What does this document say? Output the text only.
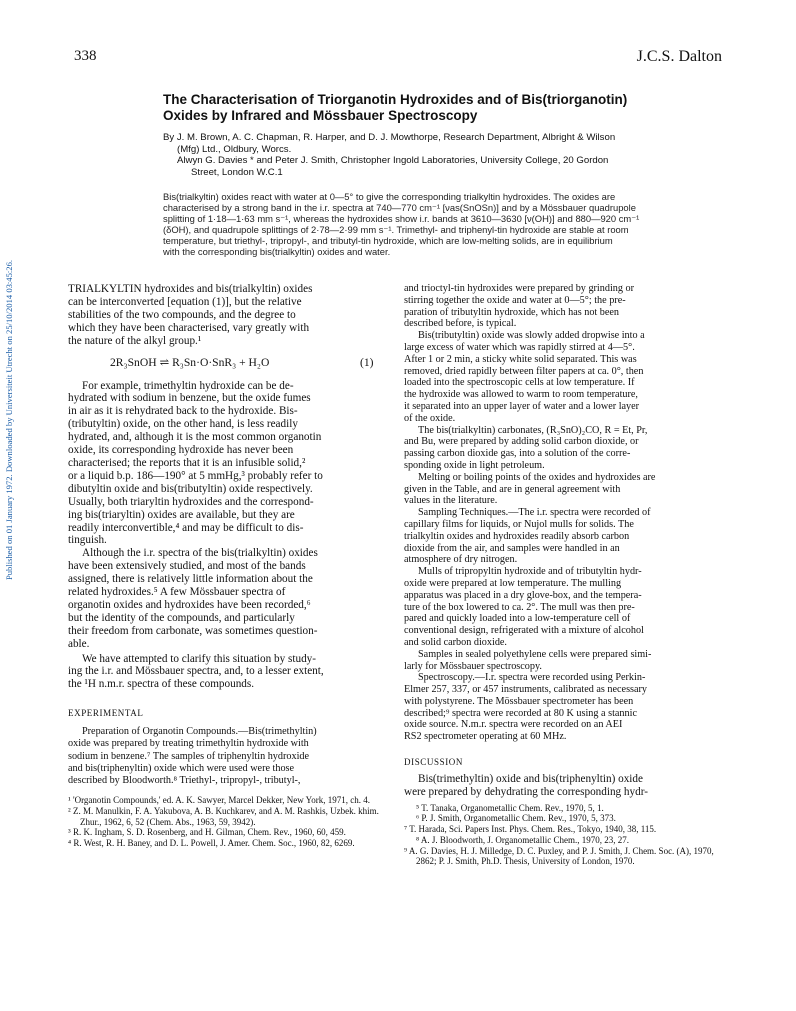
338	J.C.S. Dalton
Published on 01 January 1972. Downloaded by Universiteit Utrecht on 25/10/2014 03:45:26.
The Characterisation of Triorganotin Hydroxides and of Bis(triorganotin)
Oxides by Infrared and Mössbauer Spectroscopy
By J. M. Brown, A. C. Chapman, R. Harper, and D. J. Mowthorpe, Research Department, Albright & Wilson
(Mfg) Ltd., Oldbury, Worcs.
Alwyn G. Davies * and Peter J. Smith, Christopher Ingold Laboratories, University College, 20 Gordon
Street, London W.C.1
Bis(trialkyltin) oxides react with water at 0—5° to give the corresponding trialkyltin hydroxides. The oxides are
characterised by a strong band in the i.r. spectra at 740—770 cm⁻¹ [νas(SnOSn)] and by a Mössbauer quadrupole
splitting of 1·18—1·63 mm s⁻¹, whereas the hydroxides show i.r. bands at 3610—3630 [ν(OH)] and 880—920 cm⁻¹
(δOH), and quadrupole splittings of 2·78—2·99 mm s⁻¹. Trimethyl- and triphenyl-tin hydroxide are stable at room
temperature, but triethyl-, tripropyl-, and tributyl-tin hydroxide, which are low-melting solids, are in equilibrium
with the corresponding bis(trialkyltin) oxides and water.
TRIALKYLTIN hydroxides and bis(trialkyltin) oxides
can be interconverted [equation (1)], but the relative
stabilities of the two compounds, and the degree to
which they have been characterised, vary greatly with
the nature of the alkyl group.¹
2R₃SnOH ⇌ R₃Sn·O·SnR₃ + H₂O	(1)
For example, trimethyltin hydroxide can be de-
hydrated with sodium in benzene, but the oxide fumes
in air as it is rehydrated back to the hydroxide. Bis-
(tributyltin) oxide, on the other hand, is less readily
hydrated, and, although it is the most common organotin
oxide, its corresponding hydroxide has never been
characterised; the reports that it is an infusible solid,²
or a liquid b.p. 186—190° at 5 mmHg,³ probably refer to
dibutyltin oxide and bis(tributyltin) oxide respectively.
Usually, both triaryltin hydroxides and the correspond-
ing bis(triaryltin) oxides are available, but they are
readily interconvertible,⁴ and may be difficult to dis-
tinguish.
Although the i.r. spectra of the bis(trialkyltin) oxides
have been extensively studied, and most of the bands
assigned, there is relatively little information about the
related hydroxides.⁵ A few Mössbauer spectra of
organotin oxides and hydroxides have been recorded,⁶
but the identity of the compounds, and particularly
their freedom from carbonate, was sometimes question-
able.
We have attempted to clarify this situation by study-
ing the i.r. and Mössbauer spectra, and, to a lesser extent,
the ¹H n.m.r. spectra of these compounds.
EXPERIMENTAL
Preparation of Organotin Compounds.—Bis(trimethyltin)
oxide was prepared by treating trimethyltin hydroxide with
sodium in benzene.⁷ The samples of triphenyltin hydroxide
and bis(triphenyltin) oxide which were used were those
described by Bloodworth.⁸ Triethyl-, tripropyl-, tributyl-,

¹ 'Organotin Compounds,' ed. A. K. Sawyer, Marcel Dekker, New York, 1971, ch. 4.

² Z. M. Manulkin, F. A. Yakubova, A. B. Kuchkarev, and A. M. Rashkis, Uzbek. khim. Zhur., 1962, 6, 52 (Chem. Abs., 1963, 59, 3942).

³ R. K. Ingham, S. D. Rosenberg, and H. Gilman, Chem. Rev., 1960, 60, 459.

⁴ R. West, R. H. Baney, and D. L. Powell, J. Amer. Chem. Soc., 1960, 82, 6269.

and trioctyl-tin hydroxides were prepared by grinding or
stirring together the oxide and water at 0—5°; the pre-
paration of tributyltin hydroxide, which has not been
described before, is typical.
Bis(tributyltin) oxide was slowly added dropwise into a
large excess of water which was rapidly stirred at 4—5°.
After 1 or 2 min, a sticky white solid separated. This was
removed, dried rapidly between filter papers at ca. 0°, then
loaded into the spectroscopic cells at low temperature. If
the hydroxide was allowed to warm to room temperature,
it separated into an upper layer of water and a lower layer
of the oxide.
The bis(trialkyltin) carbonates, (R₃SnO)₂CO, R = Et, Pr,
and Bu, were prepared by adding solid carbon dioxide, or
passing carbon dioxide gas, into a solution of the corre-
sponding oxide in light petroleum.
Melting or boiling points of the oxides and hydroxides are
given in the Table, and are in general agreement with
values in the literature.
Sampling Techniques.—The i.r. spectra were recorded of
capillary films for liquids, or Nujol mulls for solids. The
trialkyltin oxides and hydroxides readily absorb carbon
dioxide from the air, and samples were handled in an
atmosphere of dry nitrogen.
Mulls of tripropyltin hydroxide and of tributyltin hydr-
oxide were prepared at low temperature. The mulling
apparatus was placed in a dry glove-box, and the tempera-
ture of the box lowered to ca. 2°. The mull was then pre-
pared and quickly loaded into a low-temperature cell of
conventional design, refrigerated with a mixture of alcohol
and solid carbon dioxide.
Samples in sealed polyethylene cells were prepared simi-
larly for Mössbauer spectroscopy.
Spectroscopy.—I.r. spectra were recorded using Perkin-
Elmer 257, 337, or 457 instruments, calibrated as necessary
with polystyrene. The Mössbauer spectrometer has been
described;⁹ spectra were recorded at 80 K using a stannic
oxide source. N.m.r. spectra were recorded on an AEI
RS2 spectrometer operating at 60 MHz.
DISCUSSION
Bis(trimethyltin) oxide and bis(triphenyltin) oxide
were prepared by dehydrating the corresponding hydr-

⁵ T. Tanaka, Organometallic Chem. Rev., 1970, 5, 1.

⁶ P. J. Smith, Organometallic Chem. Rev., 1970, 5, 373.

⁷ T. Harada, Sci. Papers Inst. Phys. Chem. Res., Tokyo, 1940, 38, 115.

⁸ A. J. Bloodworth, J. Organometallic Chem., 1970, 23, 27.

⁹ A. G. Davies, H. J. Milledge, D. C. Puxley, and P. J. Smith, J. Chem. Soc. (A), 1970, 2862; P. J. Smith, Ph.D. Thesis, University of London, 1970.
